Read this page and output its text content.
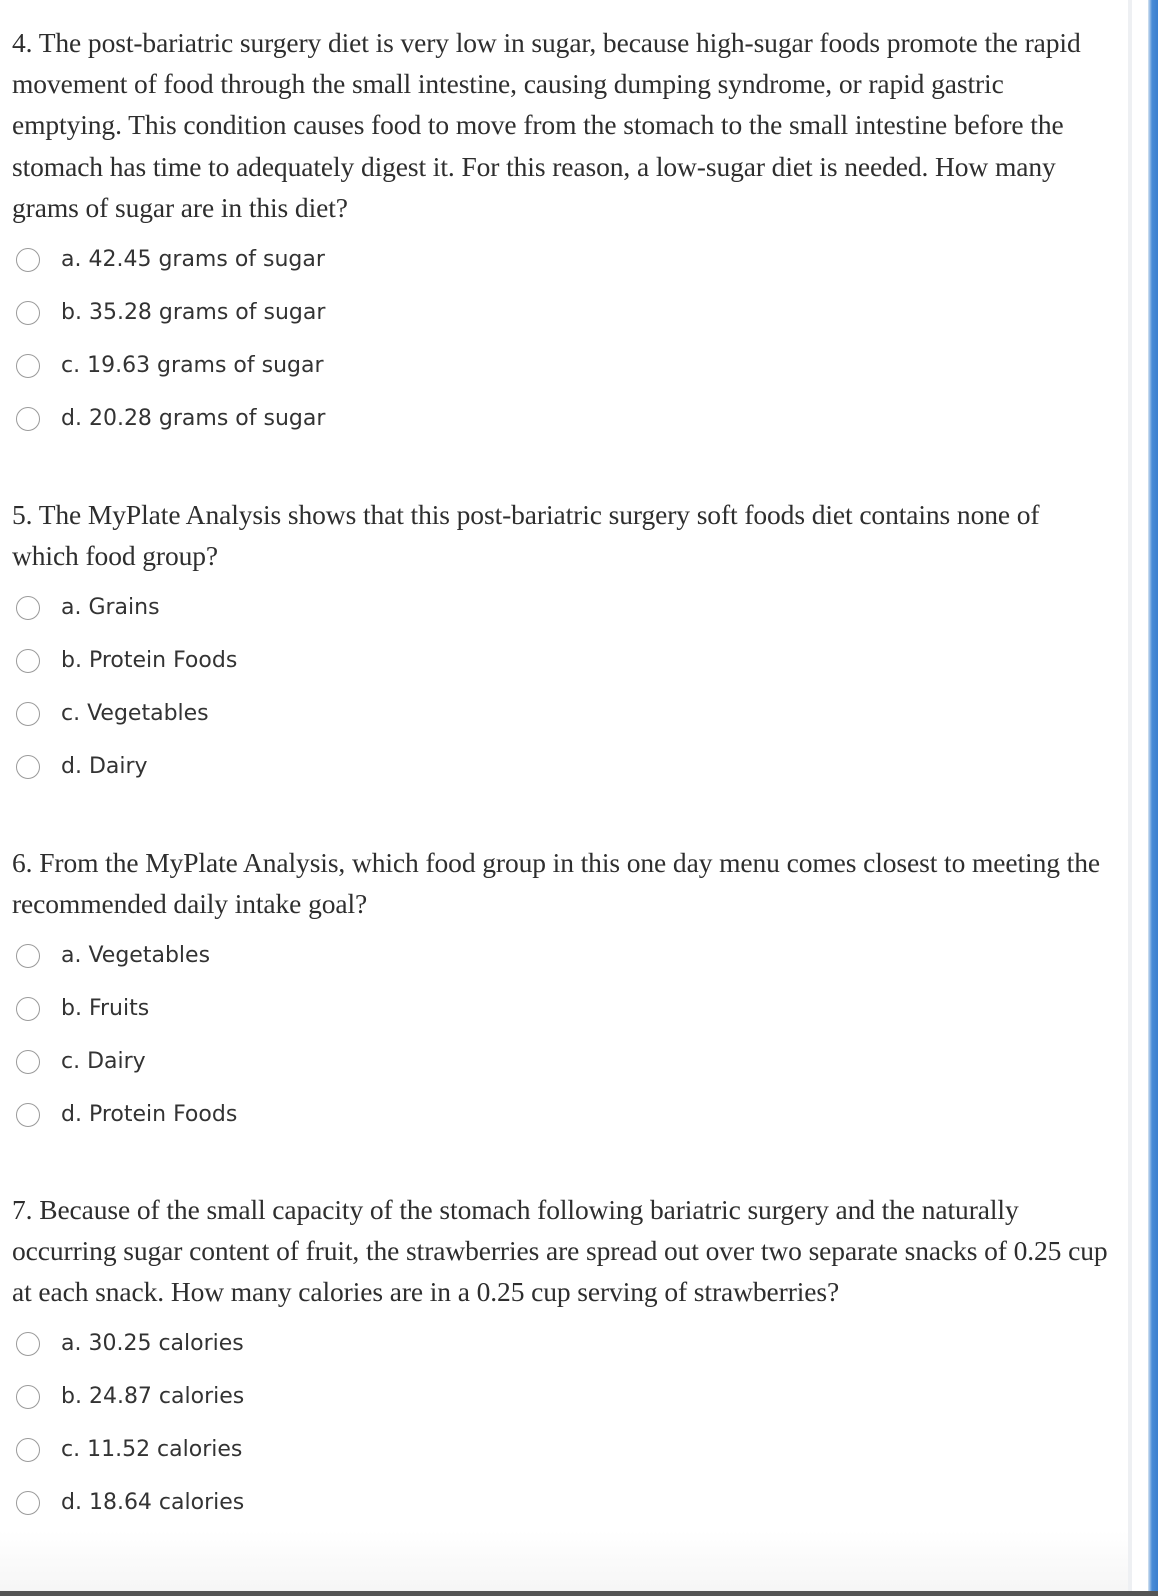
4. The post-bariatric surgery diet is very low in sugar, because high-sugar foods promote the rapid movement of food through the small intestine, causing dumping syndrome, or rapid gastric emptying. This condition causes food to move from the stomach to the small intestine before the stomach has time to adequately digest it. For this reason, a low-sugar diet is needed. How many grams of sugar are in this diet?

a. 42.45 grams of sugar
b. 35.28 grams of sugar
c. 19.63 grams of sugar
d. 20.28 grams of sugar

5. The MyPlate Analysis shows that this post-bariatric surgery soft foods diet contains none of which food group?

a. Grains
b. Protein Foods
c. Vegetables
d. Dairy

6. From the MyPlate Analysis, which food group in this one day menu comes closest to meeting the recommended daily intake goal?

a. Vegetables
b. Fruits
c. Dairy
d. Protein Foods

7. Because of the small capacity of the stomach following bariatric surgery and the naturally occurring sugar content of fruit, the strawberries are spread out over two separate snacks of 0.25 cup at each snack. How many calories are in a 0.25 cup serving of strawberries?

a. 30.25 calories
b. 24.87 calories
c. 11.52 calories
d. 18.64 calories
